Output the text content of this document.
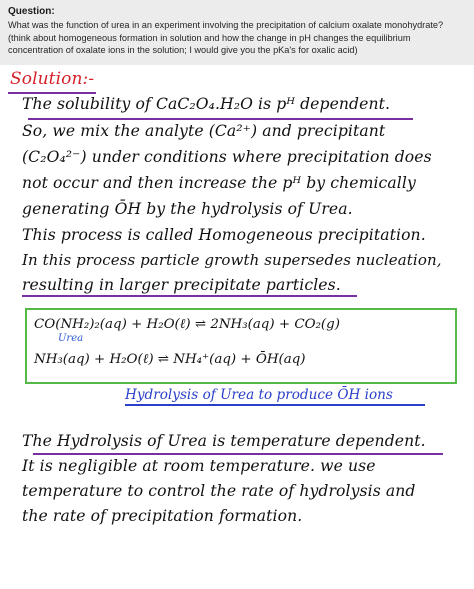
Question:
What was the function of urea in an experiment involving the precipitation of calcium oxalate monohydrate? (think about homogeneous formation in solution and how the change in pH changes the equilibrium concentration of oxalate ions in the solution; I would give you the pKa's for oxalic acid)
Solution:-
The solubility of CaC₂O₄.H₂O is pᴴ dependent.
So, we mix the analyte (Ca²⁺) and precipitant
(C₂O₄²⁻) under conditions where precipitation does
not occur and then increase the pᴴ by chemically
generating ŌH by the hydrolysis of Urea.
This process is called Homogeneous precipitation.
In this process particle growth supersedes nucleation,
resulting in larger precipitate particles.
CO(NH₂)₂(aq) + H₂O(ℓ) ⇌ 2NH₃(aq) + CO₂(g)
Urea
NH₃(aq) + H₂O(ℓ) ⇌ NH₄⁺(aq) + ŌH(aq)
Hydrolysis of Urea to produce ŌH ions
The Hydrolysis of Urea is temperature dependent.
It is negligible at room temperature. we use
temperature to control the rate of hydrolysis and
the rate of precipitation formation.
